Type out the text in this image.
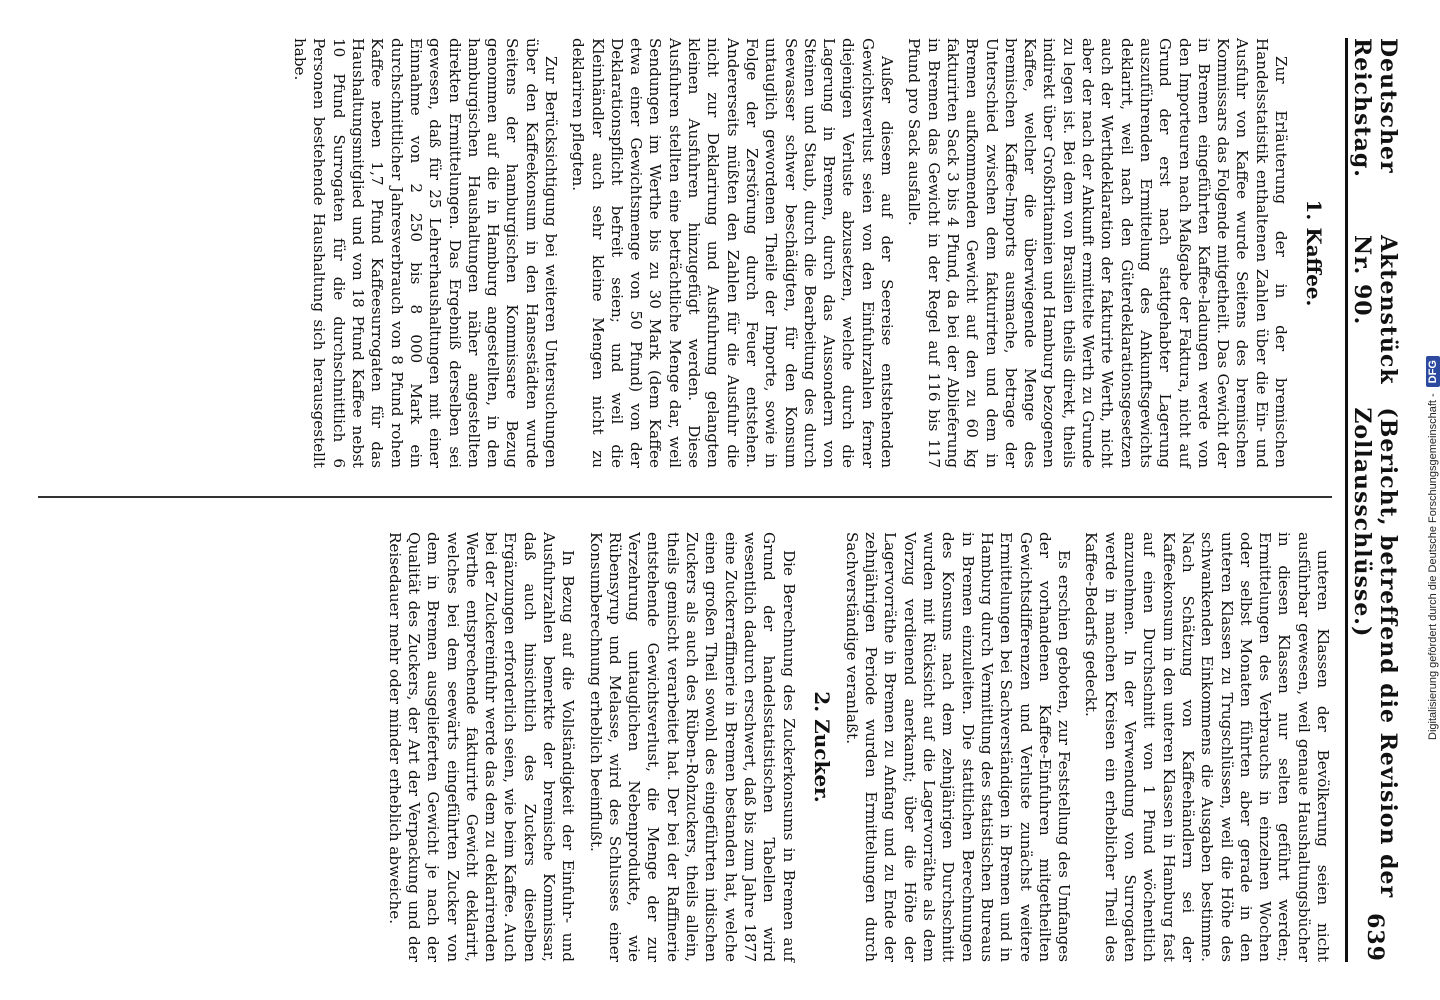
Deutscher Reichstag.
Aktenstück Nr. 90.
(Bericht, betreffend die Revision der Zollausschlüsse.)
639
1. Kaffee.

Zur Erläuterung der in der bremischen Handelsstatistik enthaltenen Zahlen über die Ein- und Ausfuhr von Kaffee wurde Seitens des bremischen Kommissars das Folgende mitgetheilt. Das Gewicht der in Bremen eingeführten Kaffee-ladungen werde von den Importeuren nach Maßgabe der Faktura, nicht auf Grund der erst nach stattgehabter Lagerung auszuführenden Ermittelung des Ankunftsgewichts deklarirt, weil nach den Güterdeklarationsgesetzen auch der Werthdeklaration der fakturirte Werth, nicht aber der nach der Ankunft ermittelte Werth zu Grunde zu legen ist. Bei dem von Brasilien theils direkt, theils indirekt über Großbritannien und Hamburg bezogenen Kaffee, welcher die überwiegende Menge des bremischen Kaffee-Imports ausmache, betrage der Unterschied zwischen dem fakturirten und dem in Bremen aufkommenden Gewicht auf den zu 60 kg fakturirten Sack 3 bis 4 Pfund, da bei der Ablieferung in Bremen das Gewicht in der Regel auf 116 bis 117 Pfund pro Sack ausfalle.

Außer diesem auf der Seereise entstehenden Gewichtsverlust seien von den Einfuhrzahlen ferner diejenigen Verluste abzusetzen, welche durch die Lagerung in Bremen, durch das Aussondern von Steinen und Staub, durch die Bearbeitung des durch Seewasser schwer beschädigten, für den Konsum untauglich gewordenen Theile der Importe, sowie in Folge der Zerstörung durch Feuer entstehen. Andererseits müßten den Zahlen für die Ausfuhr die nicht zur Deklarirung und Ausfuhrung gelangten kleinen Ausfuhren hinzugefügt werden. Diese Ausfuhren stellten eine beträchtliche Menge dar, weil Sendungen im Werthe bis zu 30 Mark (dem Kaffee etwa einer Gewichtsmenge von 50 Pfund) von der Deklarationspflicht befreit seien; und weil die Kleinhändler auch sehr kleine Mengen nicht zu deklariren pflegten.

Zur Berücksichtigung bei weiteren Untersuchungen über den Kaffeekonsum in den Hansestädten wurde Seitens der hamburgischen Kommissare Bezug genommen auf die in Hamburg angestellten, in den hamburgischen Haushaltungen näher angestellten direkten Ermittelungen. Das Ergebniß derselben sei gewesen, daß für 25 Lehrerhaushaltungen mit einer Einnahme von 2 250 bis 8 000 Mark ein durchschnittlicher Jahresverbrauch von 8 Pfund rohen Kaffee neben 1,7 Pfund Kaffeesurrogaten für das Haushaltungsmitglied und von 18 Pfund Kaffee nebst 10 Pfund Surrogaten für die durchschnittlich 6 Personen bestehende Haushaltung sich herausgestellt habe.

unteren Klassen der Bevölkerung seien nicht ausführbar gewesen, weil genaue Haushaltungsbücher in diesen Klassen nur selten geführt werden; Ermittelungen des Verbrauchs in einzelnen Wochen oder selbst Monaten führten aber gerade in den unteren Klassen zu Trugschlüssen, weil die Höhe des schwankenden Einkommens die Ausgaben bestimme. Nach Schätzung von Kaffeehändlern sei der Kaffeekonsum in den unteren Klassen in Hamburg fast auf einen Durchschnitt von 1 Pfund wöchentlich anzunehmen. In der Verwendung von Surrogaten werde in manchen Kreisen ein erheblicher Theil des Kaffee-Bedarfs gedeckt.

Es erschien geboten, zur Feststellung des Umfanges der vorhandenen Kaffee-Einfuhren mitgetheilten Gewichtsdifferenzen und Verluste zunächst weitere Ermittelungen bei Sachverständigen in Bremen und in Hamburg durch Vermittlung des statistischen Bureaus in Bremen einzuleiten. Die stattlichen Berechnungen des Konsums nach dem zehnjährigen Durchschnitt wurden mit Rücksicht auf die Lagervorräthe als dem Vorzug verdienend anerkannt; über die Höhe der Lagervorräthe in Bremen zu Anfang und zu Ende der zehnjährigen Periode wurden Ermittelungen durch Sachverständige veranlaßt.

2. Zucker.

Die Berechnung des Zuckerkonsums in Bremen auf Grund der handelsstatistischen Tabellen wird wesentlich dadurch erschwert, daß bis zum Jahre 1877 eine Zuckerraffinerie in Bremen bestanden hat, welche einen großen Theil sowohl des eingeführten indischen Zuckers als auch des Rüben-Rohzuckers, theils allein, theils gemischt verarbeitet hat. Der bei der Raffinerie entstehende Gewichtsverlust, die Menge der zur Verzehrung untauglichen Nebenprodukte, wie Rübensyrup und Melasse, wird des Schlusses einer Konsumberechnung erheblich beeinflußt.

In Bezug auf die Vollständigkeit der Einfuhr- und Ausfuhrzahlen bemerkte der bremische Kommissar, daß auch hinsichtlich des Zuckers dieselben Ergänzungen erforderlich seien, wie beim Kaffee. Auch bei der Zuckereinfuhr werde das dem zu deklarirenden Werthe entsprechende fakturirte Gewicht deklarirt, welches bei dem seewärts eingeführten Zucker von dem in Bremen ausgelieferten Gewicht je nach der Qualität des Zuckers, der Art der Verpackung und der Reisedauer mehr oder minder erheblich abweiche.	Digitalisierung gefördert durch die Deutsche Forschungsgemeinschaft -DFG
